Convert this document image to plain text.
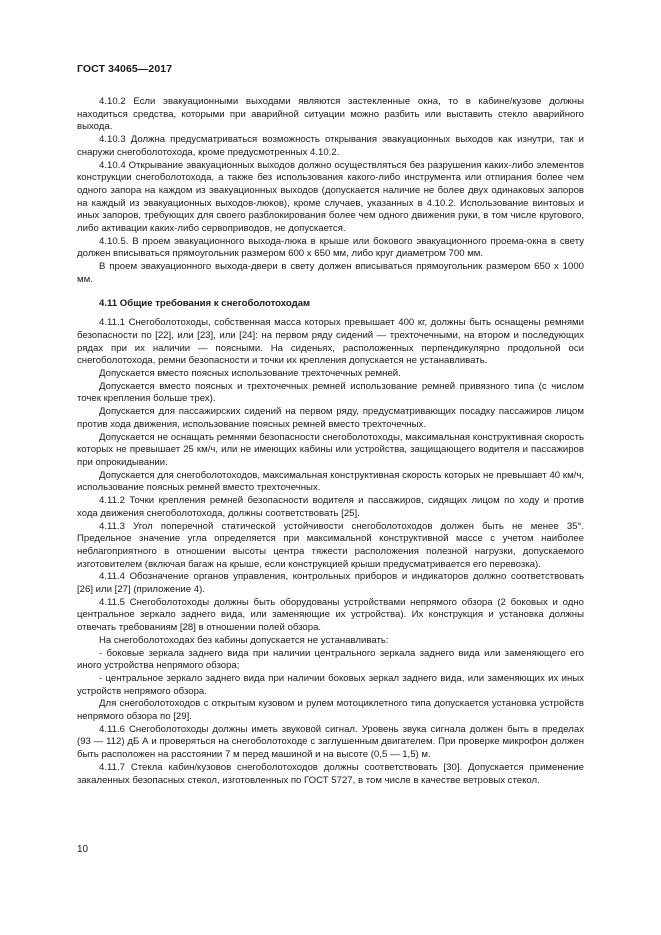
ГОСТ 34065—2017

4.10.2 Если эвакуационными выходами являются застекленные окна, то в кабине/кузове должны находиться средства, которыми при аварийной ситуации можно разбить или выставить стекло аварийного выхода.

4.10.3 Должна предусматриваться возможность открывания эвакуационных выходов как изнутри, так и снаружи снегоболотохода, кроме предусмотренных 4.10.2.

4.10.4 Открывание эвакуационных выходов должно осуществляться без разрушения каких-либо элементов конструкции снегоболотохода, а также без использования какого-либо инструмента или отпирания более чем одного запора на каждом из эвакуационных выходов (допускается наличие не более двух одинаковых запоров на каждый из эвакуационных выходов-люков), кроме случаев, указанных в 4.10.2. Использование винтовых и иных запоров, требующих для своего разблокирования более чем одного движения руки, в том числе кругового, либо активации каких-либо сервоприводов, не допускается.

4.10.5. В проем эвакуационного выхода-люка в крыше или бокового эвакуационного проема-окна в свету должен вписываться прямоугольник размером 600 х 650 мм, либо круг диаметром 700 мм.

В проем эвакуационного выхода-двери в свету должен вписываться прямоугольник размером 650 х 1000 мм.

4.11 Общие требования к снегоболотоходам

4.11.1 Снегоболотоходы, собственная масса которых превышает 400 кг, должны быть оснащены ремнями безопасности по [22], или [23], или [24]: на первом ряду сидений — трехточечными, на втором и последующих рядах при их наличии — поясными. На сиденьях, расположенных перпендикулярно продольной оси снегоболотохода, ремни безопасности и точки их крепления допускается не устанавливать.

Допускается вместо поясных использование трехточечных ремней.

Допускается вместо поясных и трехточечных ремней использование ремней привязного типа (с числом точек крепления больше трех).

Допускается для пассажирских сидений на первом ряду, предусматривающих посадку пассажиров лицом против хода движения, использование поясных ремней вместо трехточечных.

Допускается не оснащать ремнями безопасности снегоболотоходы, максимальная конструктивная скорость которых не превышает 25 км/ч, или не имеющих кабины или устройства, защищающего водителя и пассажиров при опрокидывании.

Допускается для снегоболотоходов, максимальная конструктивная скорость которых не превышает 40 км/ч, использование поясных ремней вместо трехточечных.

4.11.2 Точки крепления ремней безопасности водителя и пассажиров, сидящих лицом по ходу и против хода движения снегоболотохода, должны соответствовать [25].

4.11.3 Угол поперечной статической устойчивости снегоболотоходов должен быть не менее 35°. Предельное значение угла определяется при максимальной конструктивной массе с учетом наиболее неблагоприятного в отношении высоты центра тяжести расположения полезной нагрузки, допускаемого изготовителем (включая багаж на крыше, если конструкцией крыши предусматривается его перевозка).

4.11.4 Обозначение органов управления, контрольных приборов и индикаторов должно соответствовать [26] или [27] (приложение 4).

4.11.5 Снегоболотоходы должны быть оборудованы устройствами непрямого обзора (2 боковых и одно центральное зеркало заднего вида, или заменяющие их устройства). Их конструкция и установка должны отвечать требованиям [28] в отношении полей обзора.

На снегоболотоходах без кабины допускается не устанавливать:

- боковые зеркала заднего вида при наличии центрального зеркала заднего вида или заменяющего его иного устройства непрямого обзора;

- центральное зеркало заднего вида при наличии боковых зеркал заднего вида, или заменяющих их иных устройств непрямого обзора.

Для снегоболотоходов с открытым кузовом и рулем мотоциклетного типа допускается установка устройств непрямого обзора по [29].

4.11.6 Снегоболотоходы должны иметь звуковой сигнал. Уровень звука сигнала должен быть в пределах (93 — 112) дБ А и проверяться на снегоболотоходе с заглушенным двигателем. При проверке микрофон должен быть расположен на расстоянии 7 м перед машиной и на высоте (0,5 — 1,5) м.

4.11.7 Стекла кабин/кузовов снегоболотоходов должны соответствовать [30]. Допускается применение закаленных безопасных стекол, изготовленных по ГОСТ 5727, в том числе в качестве ветровых стекол.

10
